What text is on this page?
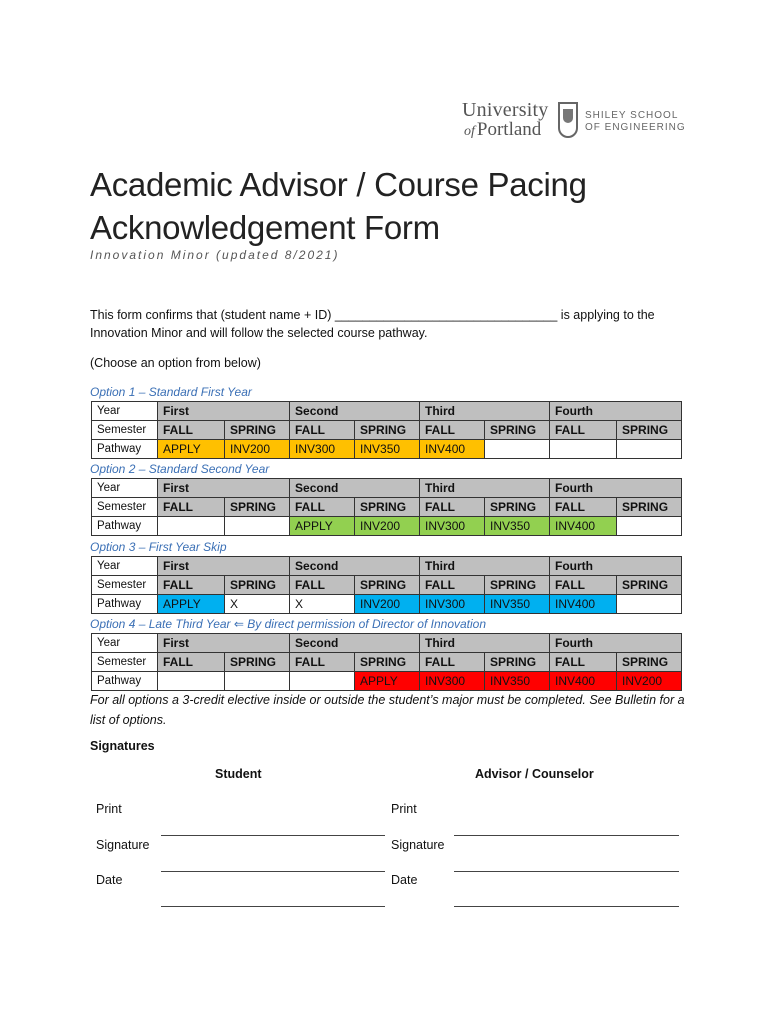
University
of Portland
SHILEY SCHOOL
OF ENGINEERING
Academic Advisor / Course Pacing
Acknowledgement Form
Innovation Minor (updated 8/2021)
This form confirms that (student name + ID) ________________________________ is applying to the Innovation Minor and will follow the selected course pathway.
(Choose an option from below)
Option 1 – Standard First Year
Year	First		Second		Third		Fourth	
Semester	FALL	SPRING	FALL	SPRING	FALL	SPRING	FALL	SPRING
Pathway	APPLY	INV200	INV300	INV350	INV400			
Option 2 – Standard Second Year
Year	First		Second		Third		Fourth	
Semester	FALL	SPRING	FALL	SPRING	FALL	SPRING	FALL	SPRING
Pathway			APPLY	INV200	INV300	INV350	INV400	
Option 3 – First Year Skip
Year	First		Second		Third		Fourth	
Semester	FALL	SPRING	FALL	SPRING	FALL	SPRING	FALL	SPRING
Pathway	APPLY	X	X	INV200	INV300	INV350	INV400	
Option 4 – Late Third Year ⇐ By direct permission of Director of Innovation
Year	First		Second		Third		Fourth	
Semester	FALL	SPRING	FALL	SPRING	FALL	SPRING	FALL	SPRING
Pathway				APPLY	INV300	INV350	INV400	INV200
For all options a 3-credit elective inside or outside the student’s major must be completed. See Bulletin for a list of options.
Signatures
Student	Advisor / Counselor
Print
Signature
Date
Print
Signature
Date
